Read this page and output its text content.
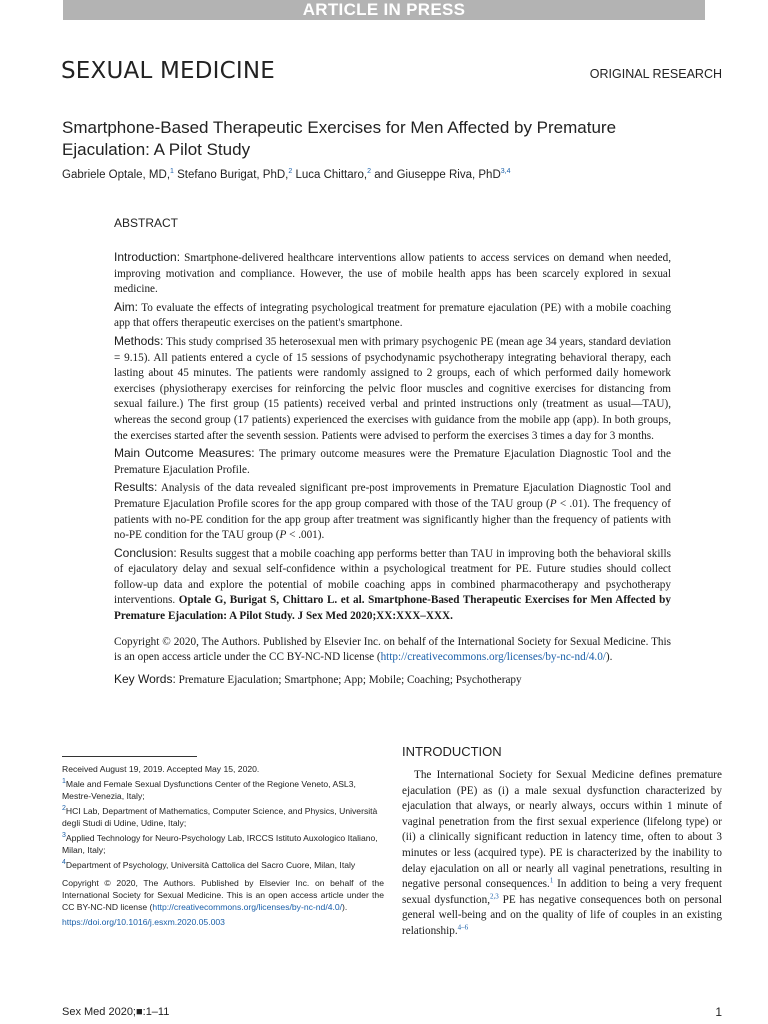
ARTICLE IN PRESS
SEXUAL MEDICINE	ORIGINAL RESEARCH
Smartphone-Based Therapeutic Exercises for Men Affected by Premature Ejaculation: A Pilot Study
Gabriele Optale, MD,$^1$ Stefano Burigat, PhD,$^2$ Luca Chittaro,$^2$ and Giuseppe Riva, PhD$^{3,4}$
ABSTRACT

Introduction: Smartphone-delivered healthcare interventions allow patients to access services on demand when needed, improving motivation and compliance. However, the use of mobile health apps has been scarcely explored in sexual medicine.

Aim: To evaluate the effects of integrating psychological treatment for premature ejaculation (PE) with a mobile coaching app that offers therapeutic exercises on the patient's smartphone.

Methods: This study comprised 35 heterosexual men with primary psychogenic PE (mean age 34 years, standard deviation = 9.15). All patients entered a cycle of 15 sessions of psychodynamic psychotherapy integrating behavioral therapy, each lasting about 45 minutes. The patients were randomly assigned to 2 groups, each of which performed daily homework exercises (physiotherapy exercises for reinforcing the pelvic floor muscles and cognitive exercises for distancing from sexual failure.) The first group (15 patients) received verbal and printed instructions only (treatment as usual—TAU), whereas the second group (17 patients) experienced the exercises with guidance from the mobile app (app). In both groups, the exercises started after the seventh session. Patients were advised to perform the exercises 3 times a day for 3 months.

Main Outcome Measures: The primary outcome measures were the Premature Ejaculation Diagnostic Tool and the Premature Ejaculation Profile.

Results: Analysis of the data revealed significant pre-post improvements in Premature Ejaculation Diagnostic Tool and Premature Ejaculation Profile scores for the app group compared with those of the TAU group (P < .01). The frequency of patients with no-PE condition for the app group after treatment was significantly higher than the frequency of patients with no-PE condition for the TAU group (P < .001).

Conclusion: Results suggest that a mobile coaching app performs better than TAU in improving both the behavioral skills of ejaculatory delay and sexual self-confidence within a psychological treatment for PE. Future studies should collect follow-up data and explore the potential of mobile coaching apps in combined pharmacotherapy and psychotherapy interventions. Optale G, Burigat S, Chittaro L. et al. Smartphone-Based Therapeutic Exercises for Men Affected by Premature Ejaculation: A Pilot Study. J Sex Med 2020;XX:XXX–XXX.

Copyright © 2020, The Authors. Published by Elsevier Inc. on behalf of the International Society for Sexual Medicine. This is an open access article under the CC BY-NC-ND license (http://creativecommons.org/licenses/by-nc-nd/4.0/).

Key Words: Premature Ejaculation; Smartphone; App; Mobile; Coaching; Psychotherapy

Received August 19, 2019. Accepted May 15, 2020.
$^1$Male and Female Sexual Dysfunctions Center of the Regione Veneto, ASL3, Mestre-Venezia, Italy;
$^2$HCI Lab, Department of Mathematics, Computer Science, and Physics, Università degli Studi di Udine, Udine, Italy;
$^3$Applied Technology for Neuro-Psychology Lab, IRCCS Istituto Auxologico Italiano, Milan, Italy;
$^4$Department of Psychology, Università Cattolica del Sacro Cuore, Milan, Italy
Copyright © 2020, The Authors. Published by Elsevier Inc. on behalf of the International Society for Sexual Medicine. This is an open access article under the CC BY-NC-ND license (http://creativecommons.org/licenses/by-nc-nd/4.0/).
https://doi.org/10.1016/j.esxm.2020.05.003
INTRODUCTION

The International Society for Sexual Medicine defines premature ejaculation (PE) as (i) a male sexual dysfunction characterized by ejaculation that always, or nearly always, occurs within 1 minute of vaginal penetration from the first sexual experience (lifelong type) or (ii) a clinically significant reduction in latency time, often to about 3 minutes or less (acquired type). PE is characterized by the inability to delay ejaculation on all or nearly all vaginal penetrations, resulting in negative personal consequences.$^1$ In addition to being a very frequent sexual dysfunction,$^{2,3}$ PE has negative consequences both on personal general well-being and on the quality of life of couples in an existing relationship.$^{4-6}$

Sex Med 2020;■:1–11	1
